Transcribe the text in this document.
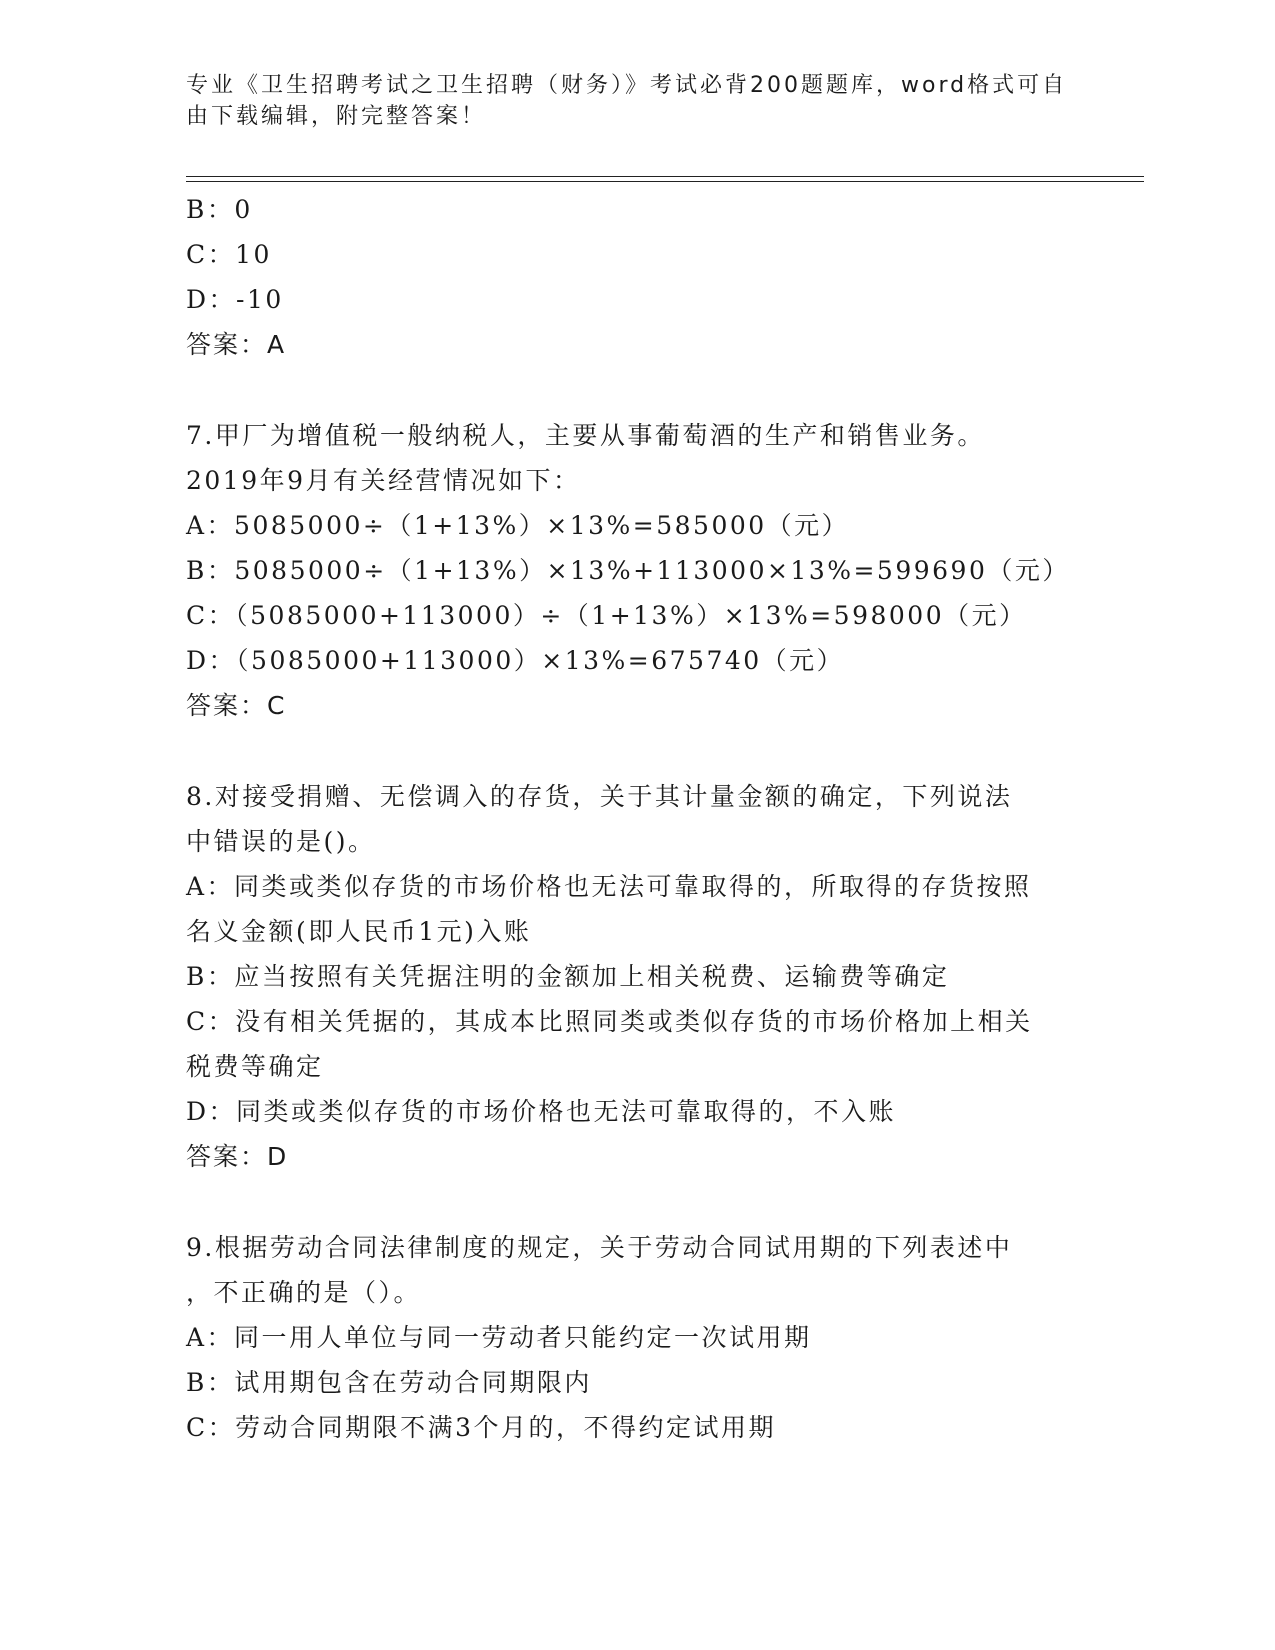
专业《卫生招聘考试之卫生招聘（财务）》考试必背200题题库，word格式可自
由下载编辑，附完整答案！
B：0
C：10
D：-10
答案：A
7.甲厂为增值税一般纳税人，主要从事葡萄酒的生产和销售业务。
2019年9月有关经营情况如下：
A：5085000÷（1+13%）×13%=585000（元）
B：5085000÷（1+13%）×13%+113000×13%=599690（元）
C：（5085000+113000）÷（1+13%）×13%=598000（元）
D：（5085000+113000）×13%=675740（元）
答案：C
8.对接受捐赠、无偿调入的存货，关于其计量金额的确定，下列说法
中错误的是()。
A：同类或类似存货的市场价格也无法可靠取得的，所取得的存货按照
名义金额(即人民币1元)入账
B：应当按照有关凭据注明的金额加上相关税费、运输费等确定
C：没有相关凭据的，其成本比照同类或类似存货的市场价格加上相关
税费等确定
D：同类或类似存货的市场价格也无法可靠取得的，不入账
答案：D
9.根据劳动合同法律制度的规定，关于劳动合同试用期的下列表述中
，不正确的是（）。
A：同一用人单位与同一劳动者只能约定一次试用期
B：试用期包含在劳动合同期限内
C：劳动合同期限不满3个月的，不得约定试用期
